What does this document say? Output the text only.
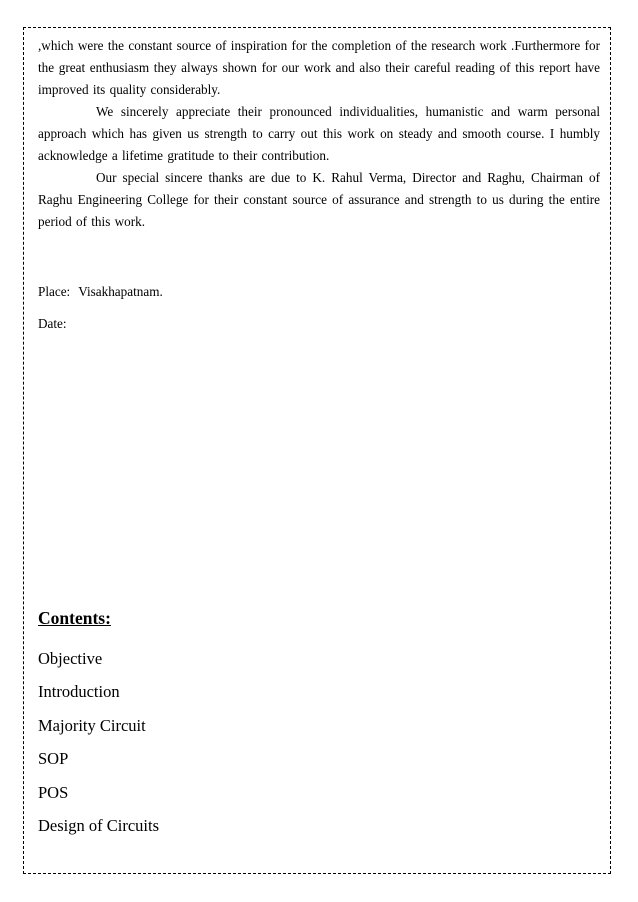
,which were the constant source of inspiration for the completion of the research work .Furthermore for the great enthusiasm they always shown for our work and also their careful reading of this report have improved its quality considerably.

We sincerely appreciate their pronounced individualities, humanistic and warm personal approach which has given us strength to carry out this work on steady and smooth course. I humbly acknowledge a lifetime gratitude to their contribution.

Our special sincere thanks are due to K. Rahul Verma, Director and Raghu, Chairman of Raghu Engineering College for their constant source of assurance and strength to us during the entire period of this work.

Place: Visakhapatnam.

Date:

Contents:
Objective
Introduction
Majority Circuit
SOP
POS
Design of Circuits
